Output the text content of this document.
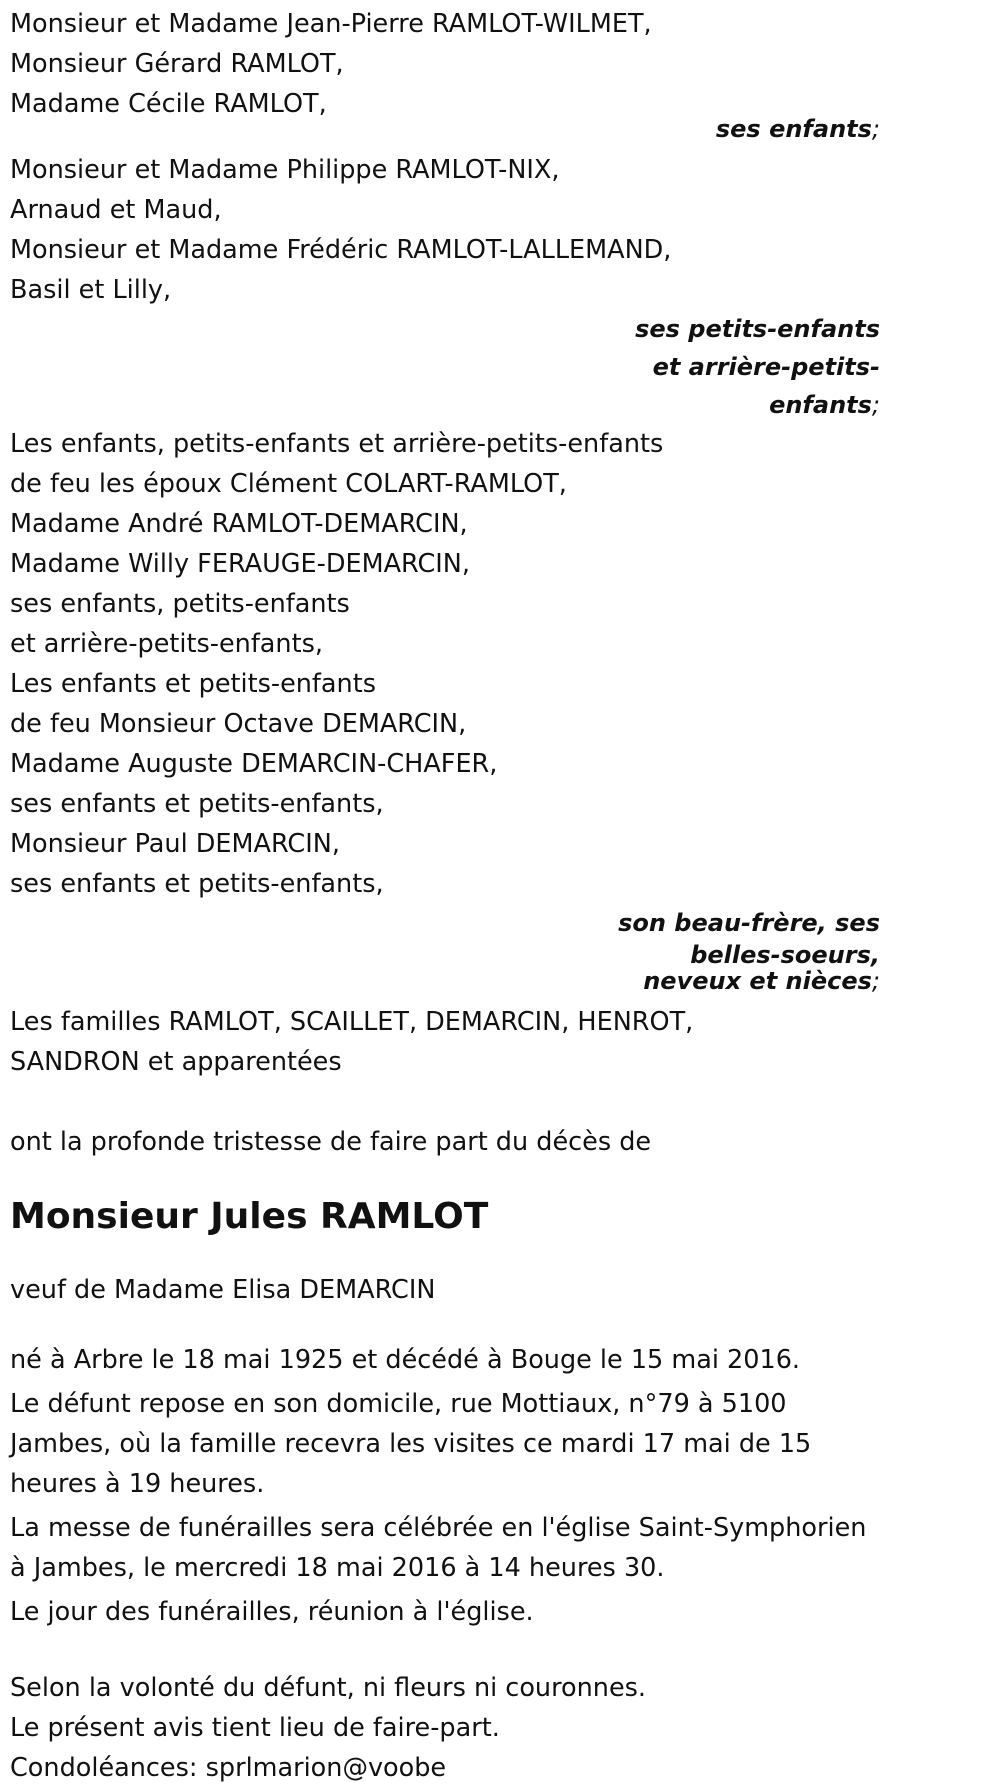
Monsieur et Madame Jean-Pierre RAMLOT-WILMET,
Monsieur Gérard RAMLOT,
Madame Cécile RAMLOT,
ses enfants;
Monsieur et Madame Philippe RAMLOT-NIX,
Arnaud et Maud,
Monsieur et Madame Frédéric RAMLOT-LALLEMAND,
Basil et Lilly,
ses petits-enfants
et arrière-petits-
enfants;
Les enfants, petits-enfants et arrière-petits-enfants
de feu les époux Clément COLART-RAMLOT,
Madame André RAMLOT-DEMARCIN,
Madame Willy FERAUGE-DEMARCIN,
ses enfants, petits-enfants
et arrière-petits-enfants,
Les enfants et petits-enfants
de feu Monsieur Octave DEMARCIN,
Madame Auguste DEMARCIN-CHAFER,
ses enfants et petits-enfants,
Monsieur Paul DEMARCIN,
ses enfants et petits-enfants,
son beau-frère, ses
belles-soeurs,
neveux et nièces;
Les familles RAMLOT, SCAILLET, DEMARCIN, HENROT,
SANDRON et apparentées
ont la profonde tristesse de faire part du décès de
Monsieur Jules RAMLOT
veuf de Madame Elisa DEMARCIN
né à Arbre le 18 mai 1925 et décédé à Bouge le 15 mai 2016.
Le défunt repose en son domicile, rue Mottiaux, n°79 à 5100 Jambes, où la famille recevra les visites ce mardi 17 mai de 15 heures à 19 heures.
La messe de funérailles sera célébrée en l'église Saint-Symphorien à Jambes, le mercredi 18 mai 2016 à 14 heures 30.
Le jour des funérailles, réunion à l'église.
Selon la volonté du défunt, ni fleurs ni couronnes.
Le présent avis tient lieu de faire-part.
Condoléances: sprlmarion@voobe
